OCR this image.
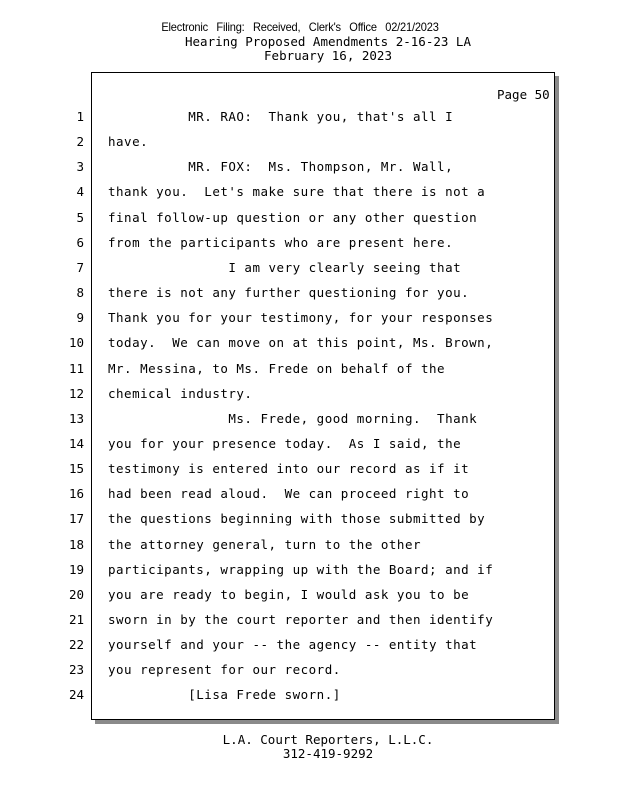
Electronic Filing: Received, Clerk's Office 02/21/2023
Hearing Proposed Amendments 2-16-23 LA
February 16, 2023
Page 50
1 MR. RAO:  Thank you, that's all I
2 have.
3 MR. FOX:  Ms. Thompson, Mr. Wall,
4 thank you.  Let's make sure that there is not a
5 final follow-up question or any other question
6 from the participants who are present here.
7 I am very clearly seeing that
8 there is not any further questioning for you.
9 Thank you for your testimony, for your responses
10 today.  We can move on at this point, Ms. Brown,
11 Mr. Messina, to Ms. Frede on behalf of the
12 chemical industry.
13 Ms. Frede, good morning.  Thank
14 you for your presence today.  As I said, the
15 testimony is entered into our record as if it
16 had been read aloud.  We can proceed right to
17 the questions beginning with those submitted by
18 the attorney general, turn to the other
19 participants, wrapping up with the Board; and if
20 you are ready to begin, I would ask you to be
21 sworn in by the court reporter and then identify
22 yourself and your -- the agency -- entity that
23 you represent for our record.
24 [Lisa Frede sworn.]
L.A. Court Reporters, L.L.C.
312-419-9292
